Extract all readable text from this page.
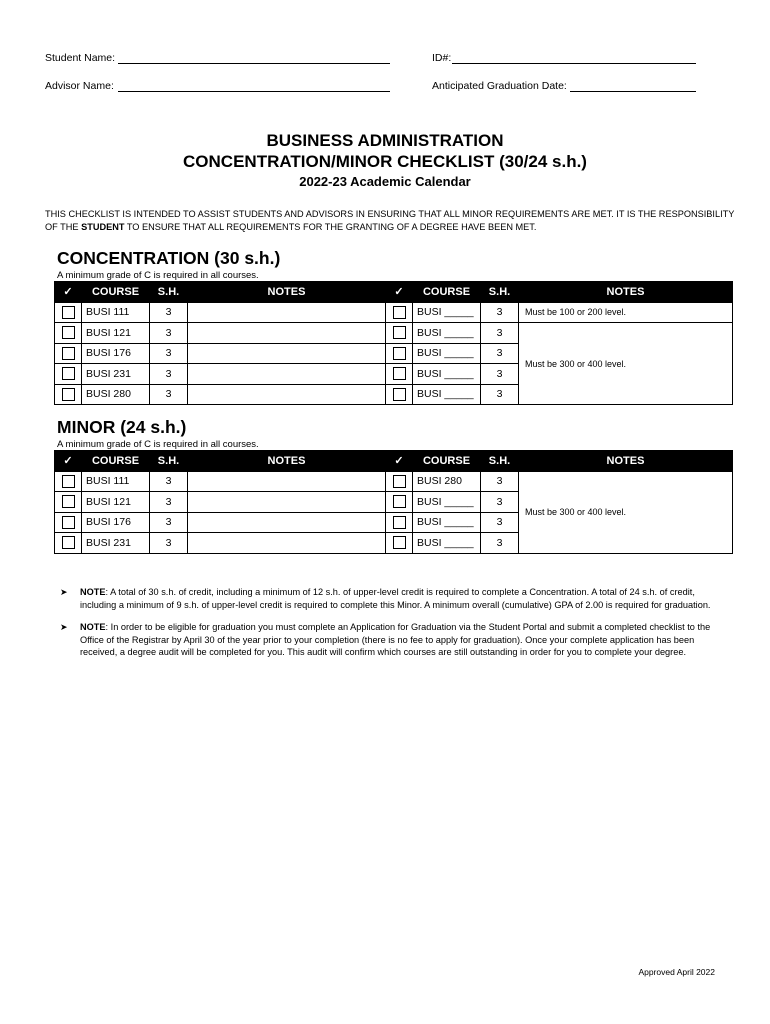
Student Name:	ID#:
Advisor Name:	Anticipated Graduation Date:
BUSINESS ADMINISTRATION
CONCENTRATION/MINOR CHECKLIST (30/24 s.h.)
2022-23 Academic Calendar
THIS CHECKLIST IS INTENDED TO ASSIST STUDENTS AND ADVISORS IN ENSURING THAT ALL MINOR REQUIREMENTS ARE MET. IT IS THE RESPONSIBILITY OF THE STUDENT TO ENSURE THAT ALL REQUIREMENTS FOR THE GRANTING OF A DEGREE HAVE BEEN MET.
CONCENTRATION (30 s.h.)
A minimum grade of C is required in all courses.
✓	COURSE	S.H.	NOTES	✓	COURSE	S.H.	NOTES
	BUSI 111	3			BUSI _____	3	Must be 100 or 200 level.
	BUSI 121	3			BUSI _____	3	Must be 300 or 400 level.
	BUSI 176	3			BUSI _____	3	
	BUSI 231	3			BUSI _____	3	
	BUSI 280	3			BUSI _____	3	
MINOR (24 s.h.)
A minimum grade of C is required in all courses.
✓	COURSE	S.H.	NOTES	✓	COURSE	S.H.	NOTES
	BUSI 111	3			BUSI 280	3	Must be 300 or 400 level.
	BUSI 121	3			BUSI _____	3	
	BUSI 176	3			BUSI _____	3	
	BUSI 231	3			BUSI _____	3	
➤	NOTE: A total of 30 s.h. of credit, including a minimum of 12 s.h. of upper-level credit is required to complete a Concentration. A total of 24 s.h. of credit, including a minimum of 9 s.h. of upper-level credit is required to complete this Minor. A minimum overall (cumulative) GPA of 2.00 is required for graduation.
➤	NOTE: In order to be eligible for graduation you must complete an Application for Graduation via the Student Portal and submit a completed checklist to the Office of the Registrar by April 30 of the year prior to your completion (there is no fee to apply for graduation). Once your complete application has been received, a degree audit will be completed for you. This audit will confirm which courses are still outstanding in order for you to complete your degree.
Approved April 2022
